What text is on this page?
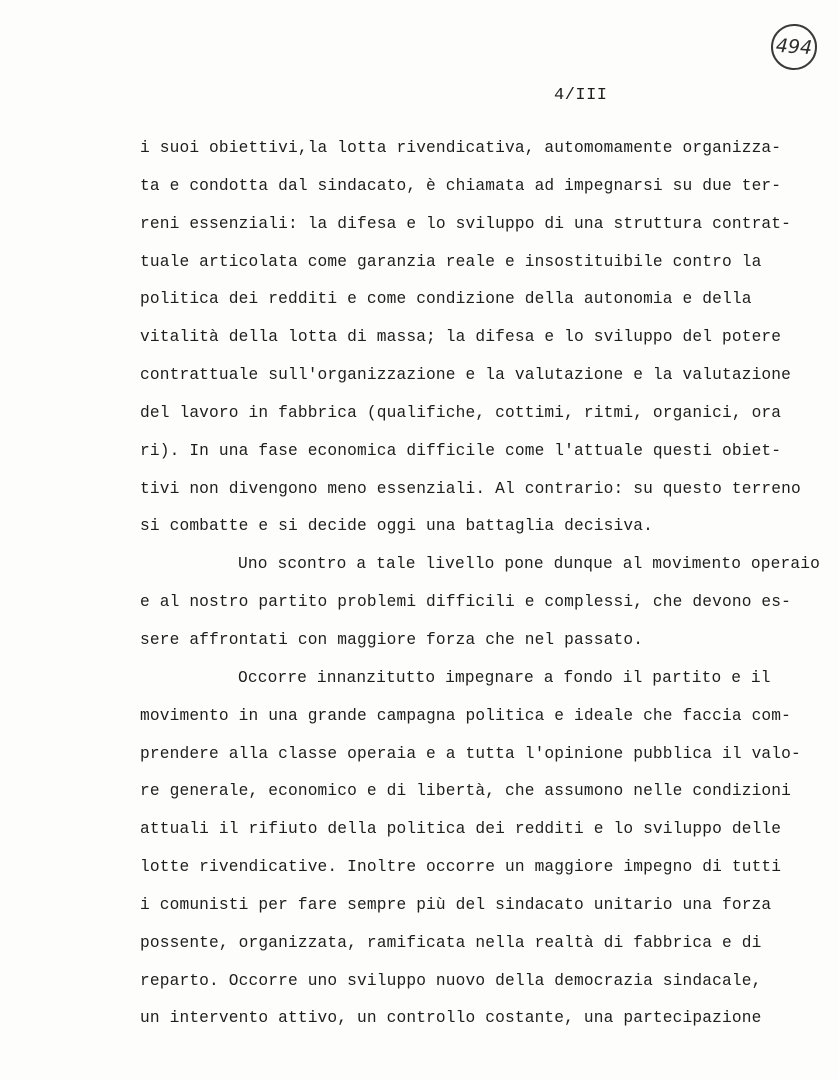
494
4/III
i suoi obiettivi,la lotta rivendicativa, automomamente organizza-
ta e condotta dal sindacato, è chiamata ad impegnarsi su due ter-
reni essenziali: la difesa e lo sviluppo di una struttura contrat-
tuale articolata come garanzia reale e insostituibile contro la
politica dei redditi e come condizione della autonomia e della
vitalità della lotta di massa; la difesa e lo sviluppo del potere
contrattuale sull'organizzazione e la valutazione e la valutazione
del lavoro in fabbrica (qualifiche, cottimi, ritmi, organici, ora
ri). In una fase economica difficile come l'attuale questi obiet-
tivi non divengono meno essenziali. Al contrario: su questo terreno
si combatte e si decide oggi una battaglia decisiva.
Uno scontro a tale livello pone dunque al movimento operaio
e al nostro partito problemi difficili e complessi, che devono es-
sere affrontati con maggiore forza che nel passato.
Occorre innanzitutto impegnare a fondo il partito e il
movimento in una grande campagna politica e ideale che faccia com-
prendere alla classe operaia e a tutta l'opinione pubblica il valo-
re generale, economico e di libertà, che assumono nelle condizioni
attuali il rifiuto della politica dei redditi e lo sviluppo delle
lotte rivendicative. Inoltre occorre un maggiore impegno di tutti
i comunisti per fare sempre più del sindacato unitario una forza
possente, organizzata, ramificata nella realtà di fabbrica e di
reparto. Occorre uno sviluppo nuovo della democrazia sindacale,
un intervento attivo, un controllo costante, una partecipazione
